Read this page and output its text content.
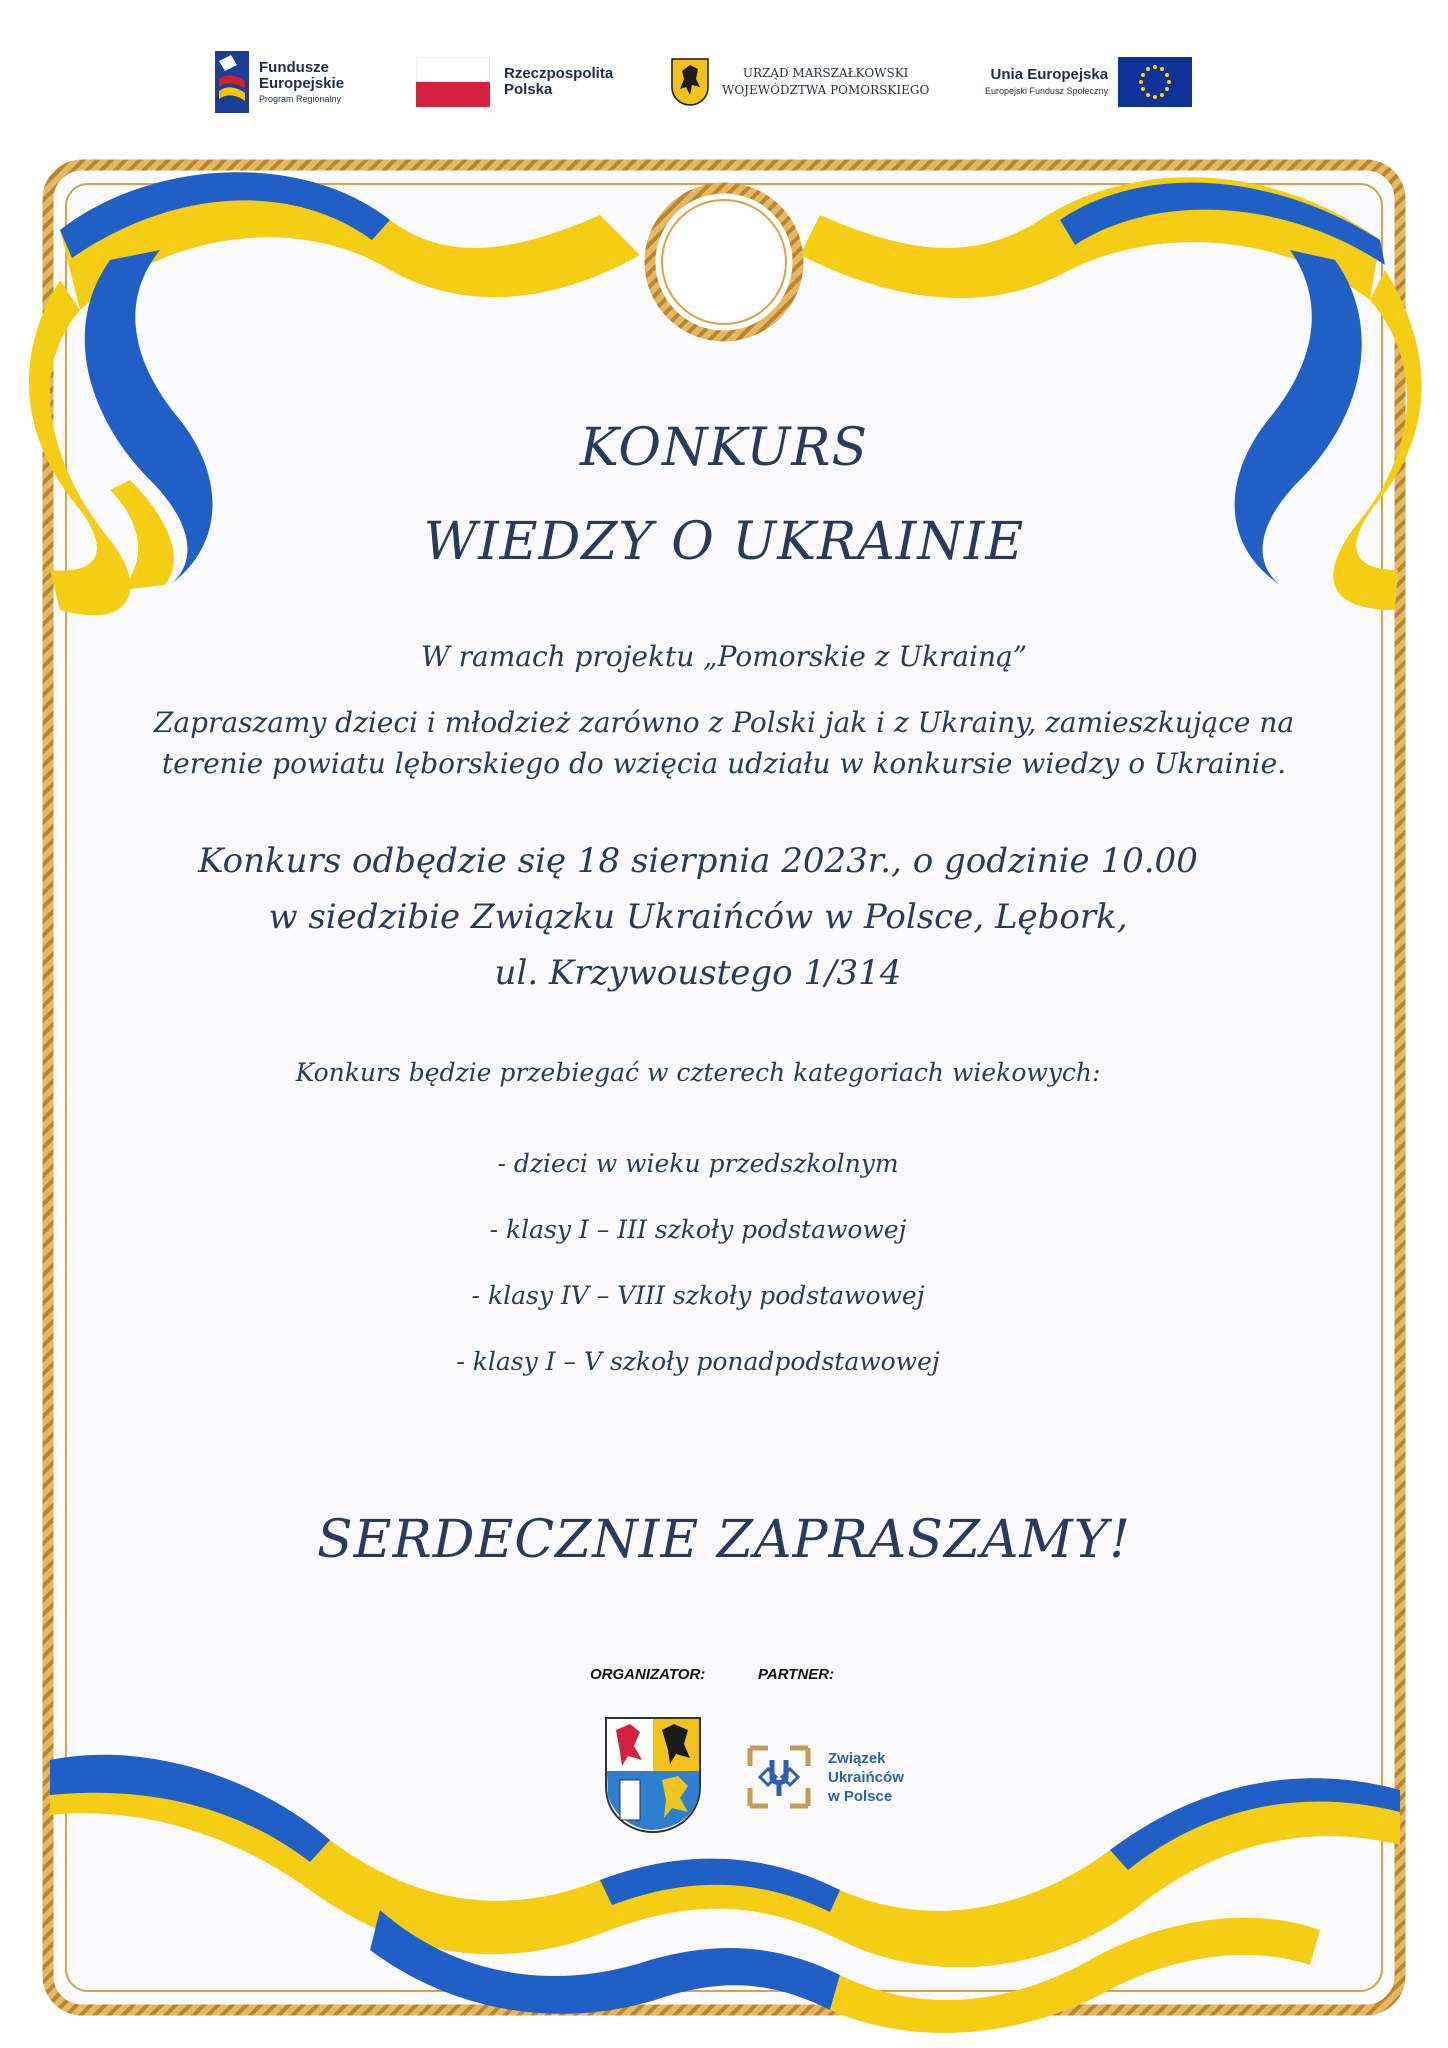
Fundusze
Europejskie
Program Regionalny
Rzeczpospolita
Polska
URZĄD MARSZAŁKOWSKI
WOJEWÓDZTWA POMORSKIEGO
Unia Europejska
Europejski Fundusz Społeczny
KONKURS
WIEDZY O UKRAINIE
W ramach projektu „Pomorskie z Ukrainą”
Zapraszamy dzieci i młodzież zarówno z Polski jak i z Ukrainy, zamieszkujące na
terenie powiatu lęborskiego do wzięcia udziału w konkursie wiedzy o Ukrainie.
Konkurs odbędzie się 18 sierpnia 2023r., o godzinie 10.00
w siedzibie Związku Ukraińców w Polsce, Lębork,
ul. Krzywoustego 1/314
Konkurs będzie przebiegać w czterech kategoriach wiekowych:
- dzieci w wieku przedszkolnym
- klasy I – III szkoły podstawowej
- klasy IV – VIII szkoły podstawowej
- klasy I – V szkoły ponadpodstawowej
SERDECZNIE ZAPRASZAMY!
ORGANIZATOR:	PARTNER:
Związek
Ukraińców
w Polsce
